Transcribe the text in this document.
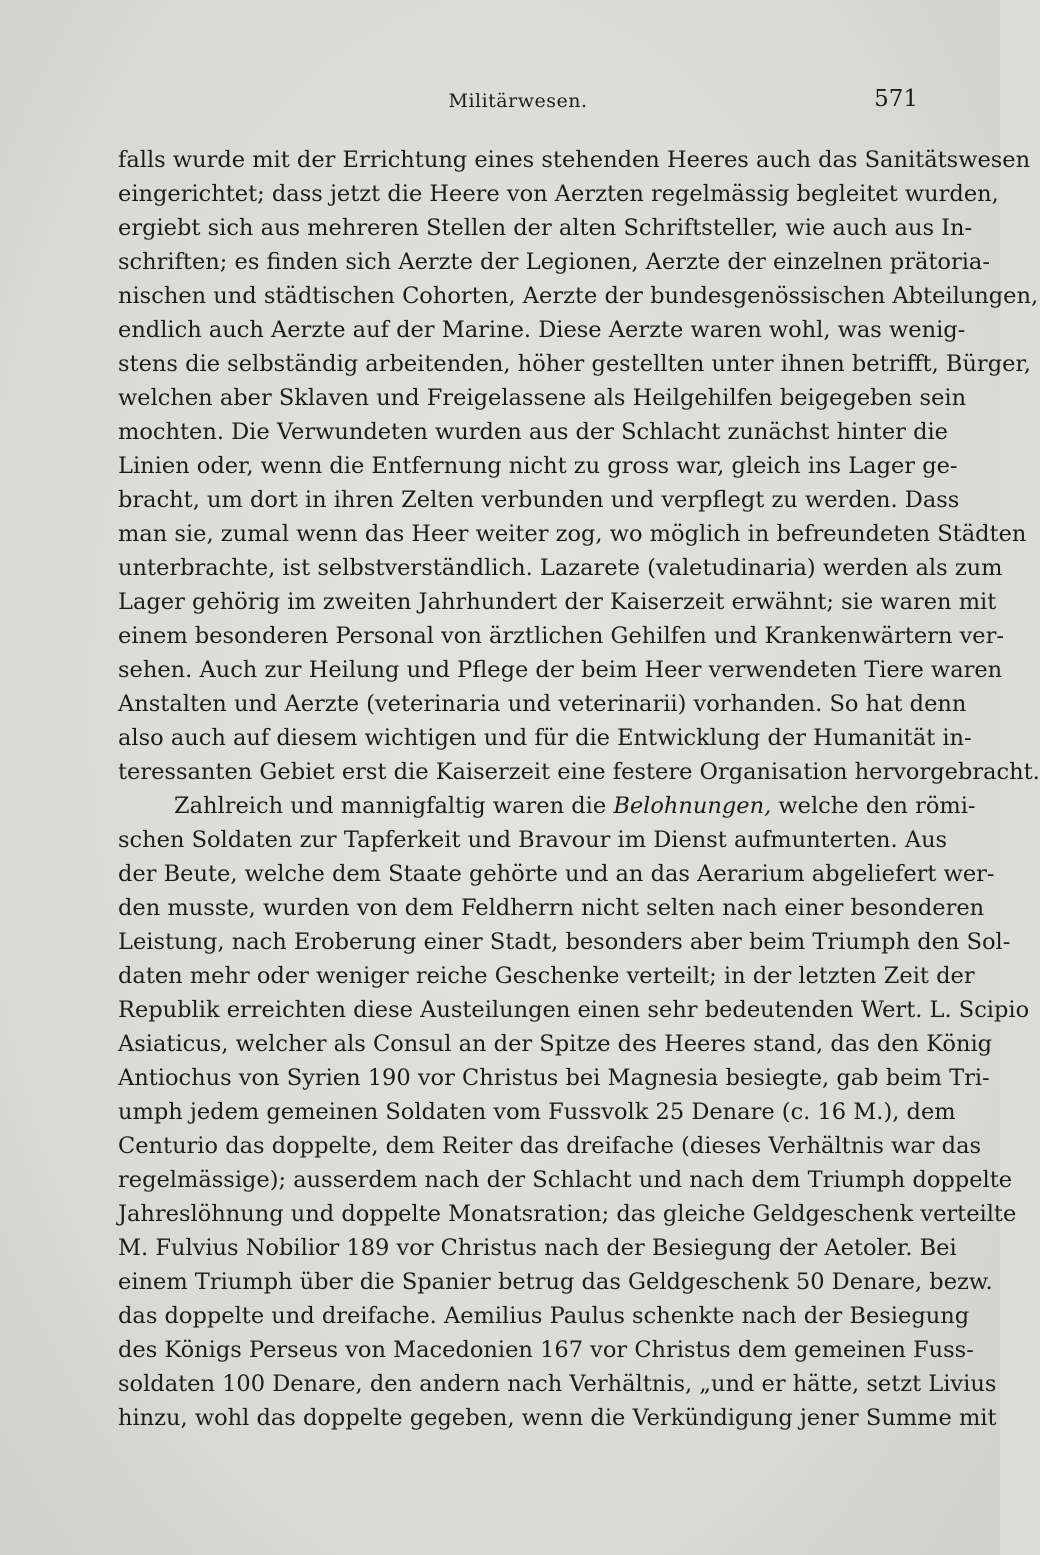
Militärwesen.	571
falls wurde mit der Errichtung eines stehenden Heeres auch das Sanitätswesen
eingerichtet; dass jetzt die Heere von Aerzten regelmässig begleitet wurden,
ergiebt sich aus mehreren Stellen der alten Schriftsteller, wie auch aus In-
schriften; es finden sich Aerzte der Legionen, Aerzte der einzelnen prätoria-
nischen und städtischen Cohorten, Aerzte der bundesgenössischen Abteilungen,
endlich auch Aerzte auf der Marine. Diese Aerzte waren wohl, was wenig-
stens die selbständig arbeitenden, höher gestellten unter ihnen betrifft, Bürger,
welchen aber Sklaven und Freigelassene als Heilgehilfen beigegeben sein
mochten. Die Verwundeten wurden aus der Schlacht zunächst hinter die
Linien oder, wenn die Entfernung nicht zu gross war, gleich ins Lager ge-
bracht, um dort in ihren Zelten verbunden und verpflegt zu werden. Dass
man sie, zumal wenn das Heer weiter zog, wo möglich in befreundeten Städten
unterbrachte, ist selbstverständlich. Lazarete (valetudinaria) werden als zum
Lager gehörig im zweiten Jahrhundert der Kaiserzeit erwähnt; sie waren mit
einem besonderen Personal von ärztlichen Gehilfen und Krankenwärtern ver-
sehen. Auch zur Heilung und Pflege der beim Heer verwendeten Tiere waren
Anstalten und Aerzte (veterinaria und veterinarii) vorhanden. So hat denn
also auch auf diesem wichtigen und für die Entwicklung der Humanität in-
teressanten Gebiet erst die Kaiserzeit eine festere Organisation hervorgebracht.
Zahlreich und mannigfaltig waren die Belohnungen, welche den römi-
schen Soldaten zur Tapferkeit und Bravour im Dienst aufmunterten. Aus
der Beute, welche dem Staate gehörte und an das Aerarium abgeliefert wer-
den musste, wurden von dem Feldherrn nicht selten nach einer besonderen
Leistung, nach Eroberung einer Stadt, besonders aber beim Triumph den Sol-
daten mehr oder weniger reiche Geschenke verteilt; in der letzten Zeit der
Republik erreichten diese Austeilungen einen sehr bedeutenden Wert. L. Scipio
Asiaticus, welcher als Consul an der Spitze des Heeres stand, das den König
Antiochus von Syrien 190 vor Christus bei Magnesia besiegte, gab beim Tri-
umph jedem gemeinen Soldaten vom Fussvolk 25 Denare (c. 16 M.), dem
Centurio das doppelte, dem Reiter das dreifache (dieses Verhältnis war das
regelmässige); ausserdem nach der Schlacht und nach dem Triumph doppelte
Jahreslöhnung und doppelte Monatsration; das gleiche Geldgeschenk verteilte
M. Fulvius Nobilior 189 vor Christus nach der Besiegung der Aetoler. Bei
einem Triumph über die Spanier betrug das Geldgeschenk 50 Denare, bezw.
das doppelte und dreifache. Aemilius Paulus schenkte nach der Besiegung
des Königs Perseus von Macedonien 167 vor Christus dem gemeinen Fuss-
soldaten 100 Denare, den andern nach Verhältnis, „und er hätte, setzt Livius
hinzu, wohl das doppelte gegeben, wenn die Verkündigung jener Summe mit
